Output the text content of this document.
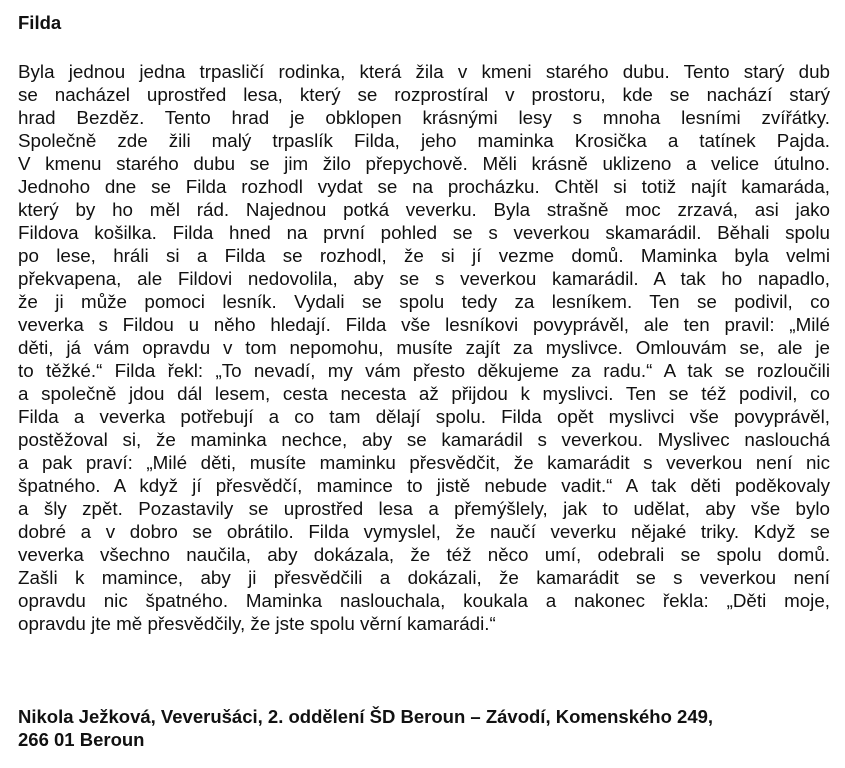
Filda
Byla jednou jedna trpasličí rodinka, která žila v kmeni starého dubu. Tento starý dub
se nacházel uprostřed lesa, který se rozprostíral v prostoru, kde se nachází starý
hrad Bezděz. Tento hrad je obklopen krásnými lesy s mnoha lesními zvířátky.
Společně zde žili malý trpaslík Filda, jeho maminka Krosička a tatínek Pajda.
V kmenu starého dubu se jim žilo přepychově. Měli krásně uklizeno a velice útulno.
Jednoho dne se Filda rozhodl vydat se na procházku. Chtěl si totiž najít kamaráda,
který by ho měl rád. Najednou potká veverku. Byla strašně moc zrzavá, asi jako
Fildova košilka. Filda hned na první pohled se s veverkou skamarádil. Běhali spolu
po lese, hráli si a Filda se rozhodl, že si jí vezme domů. Maminka byla velmi
překvapena, ale Fildovi nedovolila, aby se s veverkou kamarádil. A tak ho napadlo,
že ji může pomoci lesník. Vydali se spolu tedy za lesníkem. Ten se podivil, co
veverka s Fildou u něho hledají. Filda vše lesníkovi povyprávěl, ale ten pravil: „Milé
děti, já vám opravdu v tom nepomohu, musíte zajít za myslivce. Omlouvám se, ale je
to těžké.“ Filda řekl: „To nevadí, my vám přesto děkujeme za radu.“ A tak se rozloučili
a společně jdou dál lesem, cesta necesta až přijdou k myslivci. Ten se též podivil, co
Filda a veverka potřebují a co tam dělají spolu. Filda opět myslivci vše povyprávěl,
postěžoval si, že maminka nechce, aby se kamarádil s veverkou. Myslivec naslouchá
a pak praví: „Milé děti, musíte maminku přesvědčit, že kamarádit s veverkou není nic
špatného. A když jí přesvědčí, mamince to jistě nebude vadit.“ A tak děti poděkovaly
a šly zpět. Pozastavily se uprostřed lesa a přemýšlely, jak to udělat, aby vše bylo
dobré a v dobro se obrátilo. Filda vymyslel, že naučí veverku nějaké triky. Když se
veverka všechno naučila, aby dokázala, že též něco umí, odebrali se spolu domů.
Zašli k mamince, aby ji přesvědčili a dokázali, že kamarádit se s veverkou není
opravdu nic špatného. Maminka naslouchala, koukala a nakonec řekla: „Děti moje,
opravdu jte mě přesvědčily, že jste spolu věrní kamarádi.“
Nikola Ježková, Veverušáci, 2. oddělení ŠD Beroun – Závodí, Komenského 249,
266 01 Beroun
